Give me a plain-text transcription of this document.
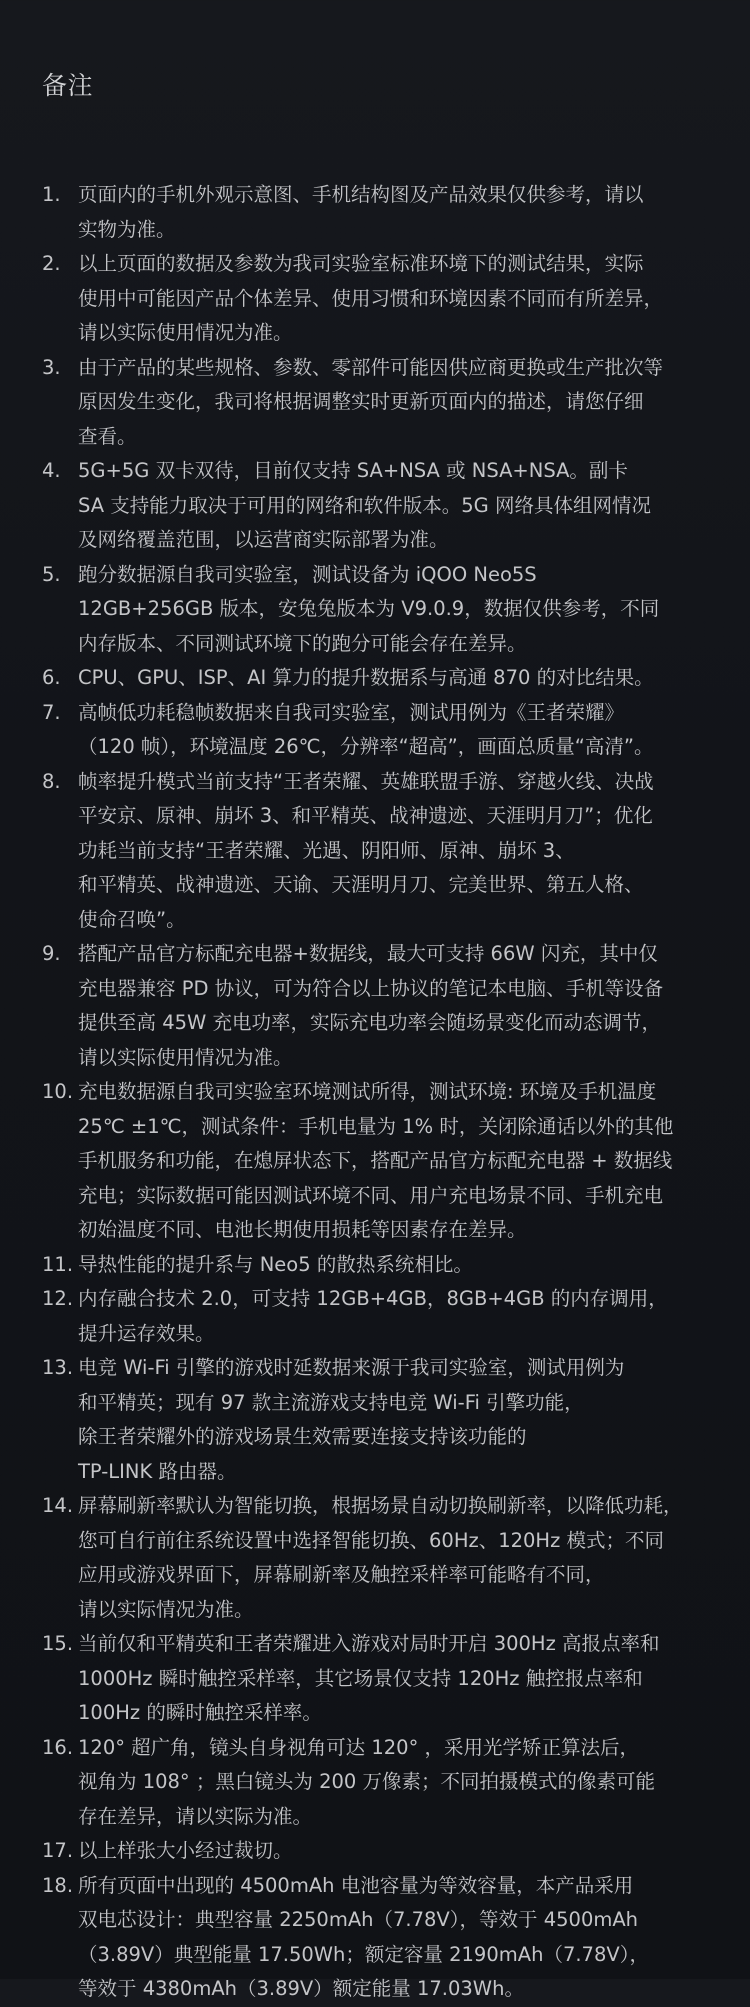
备注
1. 页面内的手机外观示意图、手机结构图及产品效果仅供参考，请以
实物为准。
2. 以上页面的数据及参数为我司实验室标准环境下的测试结果，实际
使用中可能因产品个体差异、使用习惯和环境因素不同而有所差异，
请以实际使用情况为准。
3. 由于产品的某些规格、参数、零部件可能因供应商更换或生产批次等
原因发生变化，我司将根据调整实时更新页面内的描述，请您仔细
查看。
4. 5G+5G 双卡双待，目前仅支持 SA+NSA 或 NSA+NSA。副卡
SA 支持能力取决于可用的网络和软件版本。5G 网络具体组网情况
及网络覆盖范围，以运营商实际部署为准。
5. 跑分数据源自我司实验室，测试设备为 iQOO Neo5S
12GB+256GB 版本，安兔兔版本为 V9.0.9，数据仅供参考，不同
内存版本、不同测试环境下的跑分可能会存在差异。
6. CPU、GPU、ISP、AI 算力的提升数据系与高通 870 的对比结果。
7. 高帧低功耗稳帧数据来自我司实验室，测试用例为《王者荣耀》
（120 帧），环境温度 26℃，分辨率“超高”，画面总质量“高清”。
8. 帧率提升模式当前支持“王者荣耀、英雄联盟手游、穿越火线、决战
平安京、原神、崩坏 3、和平精英、战神遗迹、天涯明月刀”；优化
功耗当前支持“王者荣耀、光遇、阴阳师、原神、崩坏 3、
和平精英、战神遗迹、天谕、天涯明月刀、完美世界、第五人格、
使命召唤”。
9. 搭配产品官方标配充电器+数据线，最大可支持 66W 闪充，其中仅
充电器兼容 PD 协议，可为符合以上协议的笔记本电脑、手机等设备
提供至高 45W 充电功率，实际充电功率会随场景变化而动态调节，
请以实际使用情况为准。
10. 充电数据源自我司实验室环境测试所得，测试环境: 环境及手机温度
25℃ ±1℃，测试条件：手机电量为 1% 时，关闭除通话以外的其他
手机服务和功能，在熄屏状态下，搭配产品官方标配充电器 + 数据线
充电；实际数据可能因测试环境不同、用户充电场景不同、手机充电
初始温度不同、电池长期使用损耗等因素存在差异。
11. 导热性能的提升系与 Neo5 的散热系统相比。
12. 内存融合技术 2.0，可支持 12GB+4GB，8GB+4GB 的内存调用，
提升运存效果。
13. 电竞 Wi-Fi 引擎的游戏时延数据来源于我司实验室，测试用例为
和平精英；现有 97 款主流游戏支持电竞 Wi-Fi 引擎功能，
除王者荣耀外的游戏场景生效需要连接支持该功能的
TP-LINK 路由器。
14. 屏幕刷新率默认为智能切换，根据场景自动切换刷新率，以降低功耗，
您可自行前往系统设置中选择智能切换、60Hz、120Hz 模式；不同
应用或游戏界面下，屏幕刷新率及触控采样率可能略有不同，
请以实际情况为准。
15. 当前仅和平精英和王者荣耀进入游戏对局时开启 300Hz 高报点率和
1000Hz 瞬时触控采样率，其它场景仅支持 120Hz 触控报点率和
100Hz 的瞬时触控采样率。
16. 120° 超广角，镜头自身视角可达 120° ，采用光学矫正算法后，
视角为 108° ；黑白镜头为 200 万像素；不同拍摄模式的像素可能
存在差异，请以实际为准。
17. 以上样张大小经过裁切。
18. 所有页面中出现的 4500mAh 电池容量为等效容量，本产品采用
双电芯设计：典型容量 2250mAh（7.78V），等效于 4500mAh
（3.89V）典型能量 17.50Wh；额定容量 2190mAh（7.78V），
等效于 4380mAh（3.89V）额定能量 17.03Wh。
